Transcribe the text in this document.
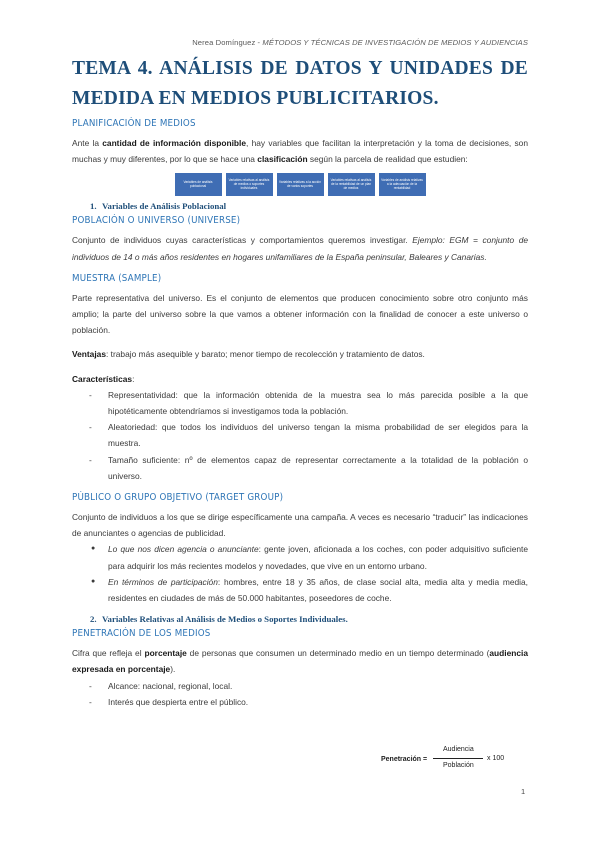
Nerea Domínguez - MÉTODOS Y TÉCNICAS DE INVESTIGACIÓN DE MEDIOS Y AUDIENCIAS
TEMA 4. ANÁLISIS DE DATOS Y UNIDADES DE MEDIDA EN MEDIOS PUBLICITARIOS.
PLANIFICACIÓN DE MEDIOS

Ante la cantidad de información disponible, hay variables que facilitan la interpretación y la toma de decisiones, son muchas y muy diferentes, por lo que se hace una clasificación según la parcela de realidad que estudien:

Variables de análisis poblacional
Variables relativas al análisis de medios o soportes individuales
Variables relativas a la acción de varios soportes
Variables relativas al análisis de la rentabilidad de un plan de medios
Variables de análisis relativas a la adecuación de la rentabilidad
1. Variables de Análisis Poblacional
POBLACIÓN O UNIVERSO (UNIVERSE)

Conjunto de individuos cuyas características y comportamientos queremos investigar. Ejemplo: EGM = conjunto de individuos de 14 o más años residentes en hogares unifamiliares de la España peninsular, Baleares y Canarias.

MUESTRA (SAMPLE)

Parte representativa del universo. Es el conjunto de elementos que producen conocimiento sobre otro conjunto más amplio; la parte del universo sobre la que vamos a obtener información con la finalidad de conocer a este universo o población.

Ventajas: trabajo más asequible y barato; menor tiempo de recolección y tratamiento de datos.

Características:

- Representatividad: que la información obtenida de la muestra sea lo más parecida posible a la que hipotéticamente obtendríamos si investigamos toda la población.
- Aleatoriedad: que todos los individuos del universo tengan la misma probabilidad de ser elegidos para la muestra.
- Tamaño suficiente: nº de elementos capaz de representar correctamente a la totalidad de la población o universo.
PÚBLICO O GRUPO OBJETIVO (TARGET GROUP)

Conjunto de individuos a los que se dirige específicamente una campaña. A veces es necesario “traducir” las indicaciones de anunciantes o agencias de publicidad.

● Lo que nos dicen agencia o anunciante: gente joven, aficionada a los coches, con poder adquisitivo suficiente para adquirir los más recientes modelos y novedades, que vive en un entorno urbano.
● En términos de participación: hombres, entre 18 y 35 años, de clase social alta, media alta y media media, residentes en ciudades de más de 50.000 habitantes, poseedores de coche.
2. Variables Relativas al Análisis de Medios o Soportes Individuales.
PENETRACIÓN DE LOS MEDIOS

Cifra que refleja el porcentaje de personas que consumen un determinado medio en un tiempo determinado (audiencia expresada en porcentaje).

- Alcance: nacional, regional, local.
- Interés que despierta entre el público.
Penetración =
Audiencia
Población
x 100
1
